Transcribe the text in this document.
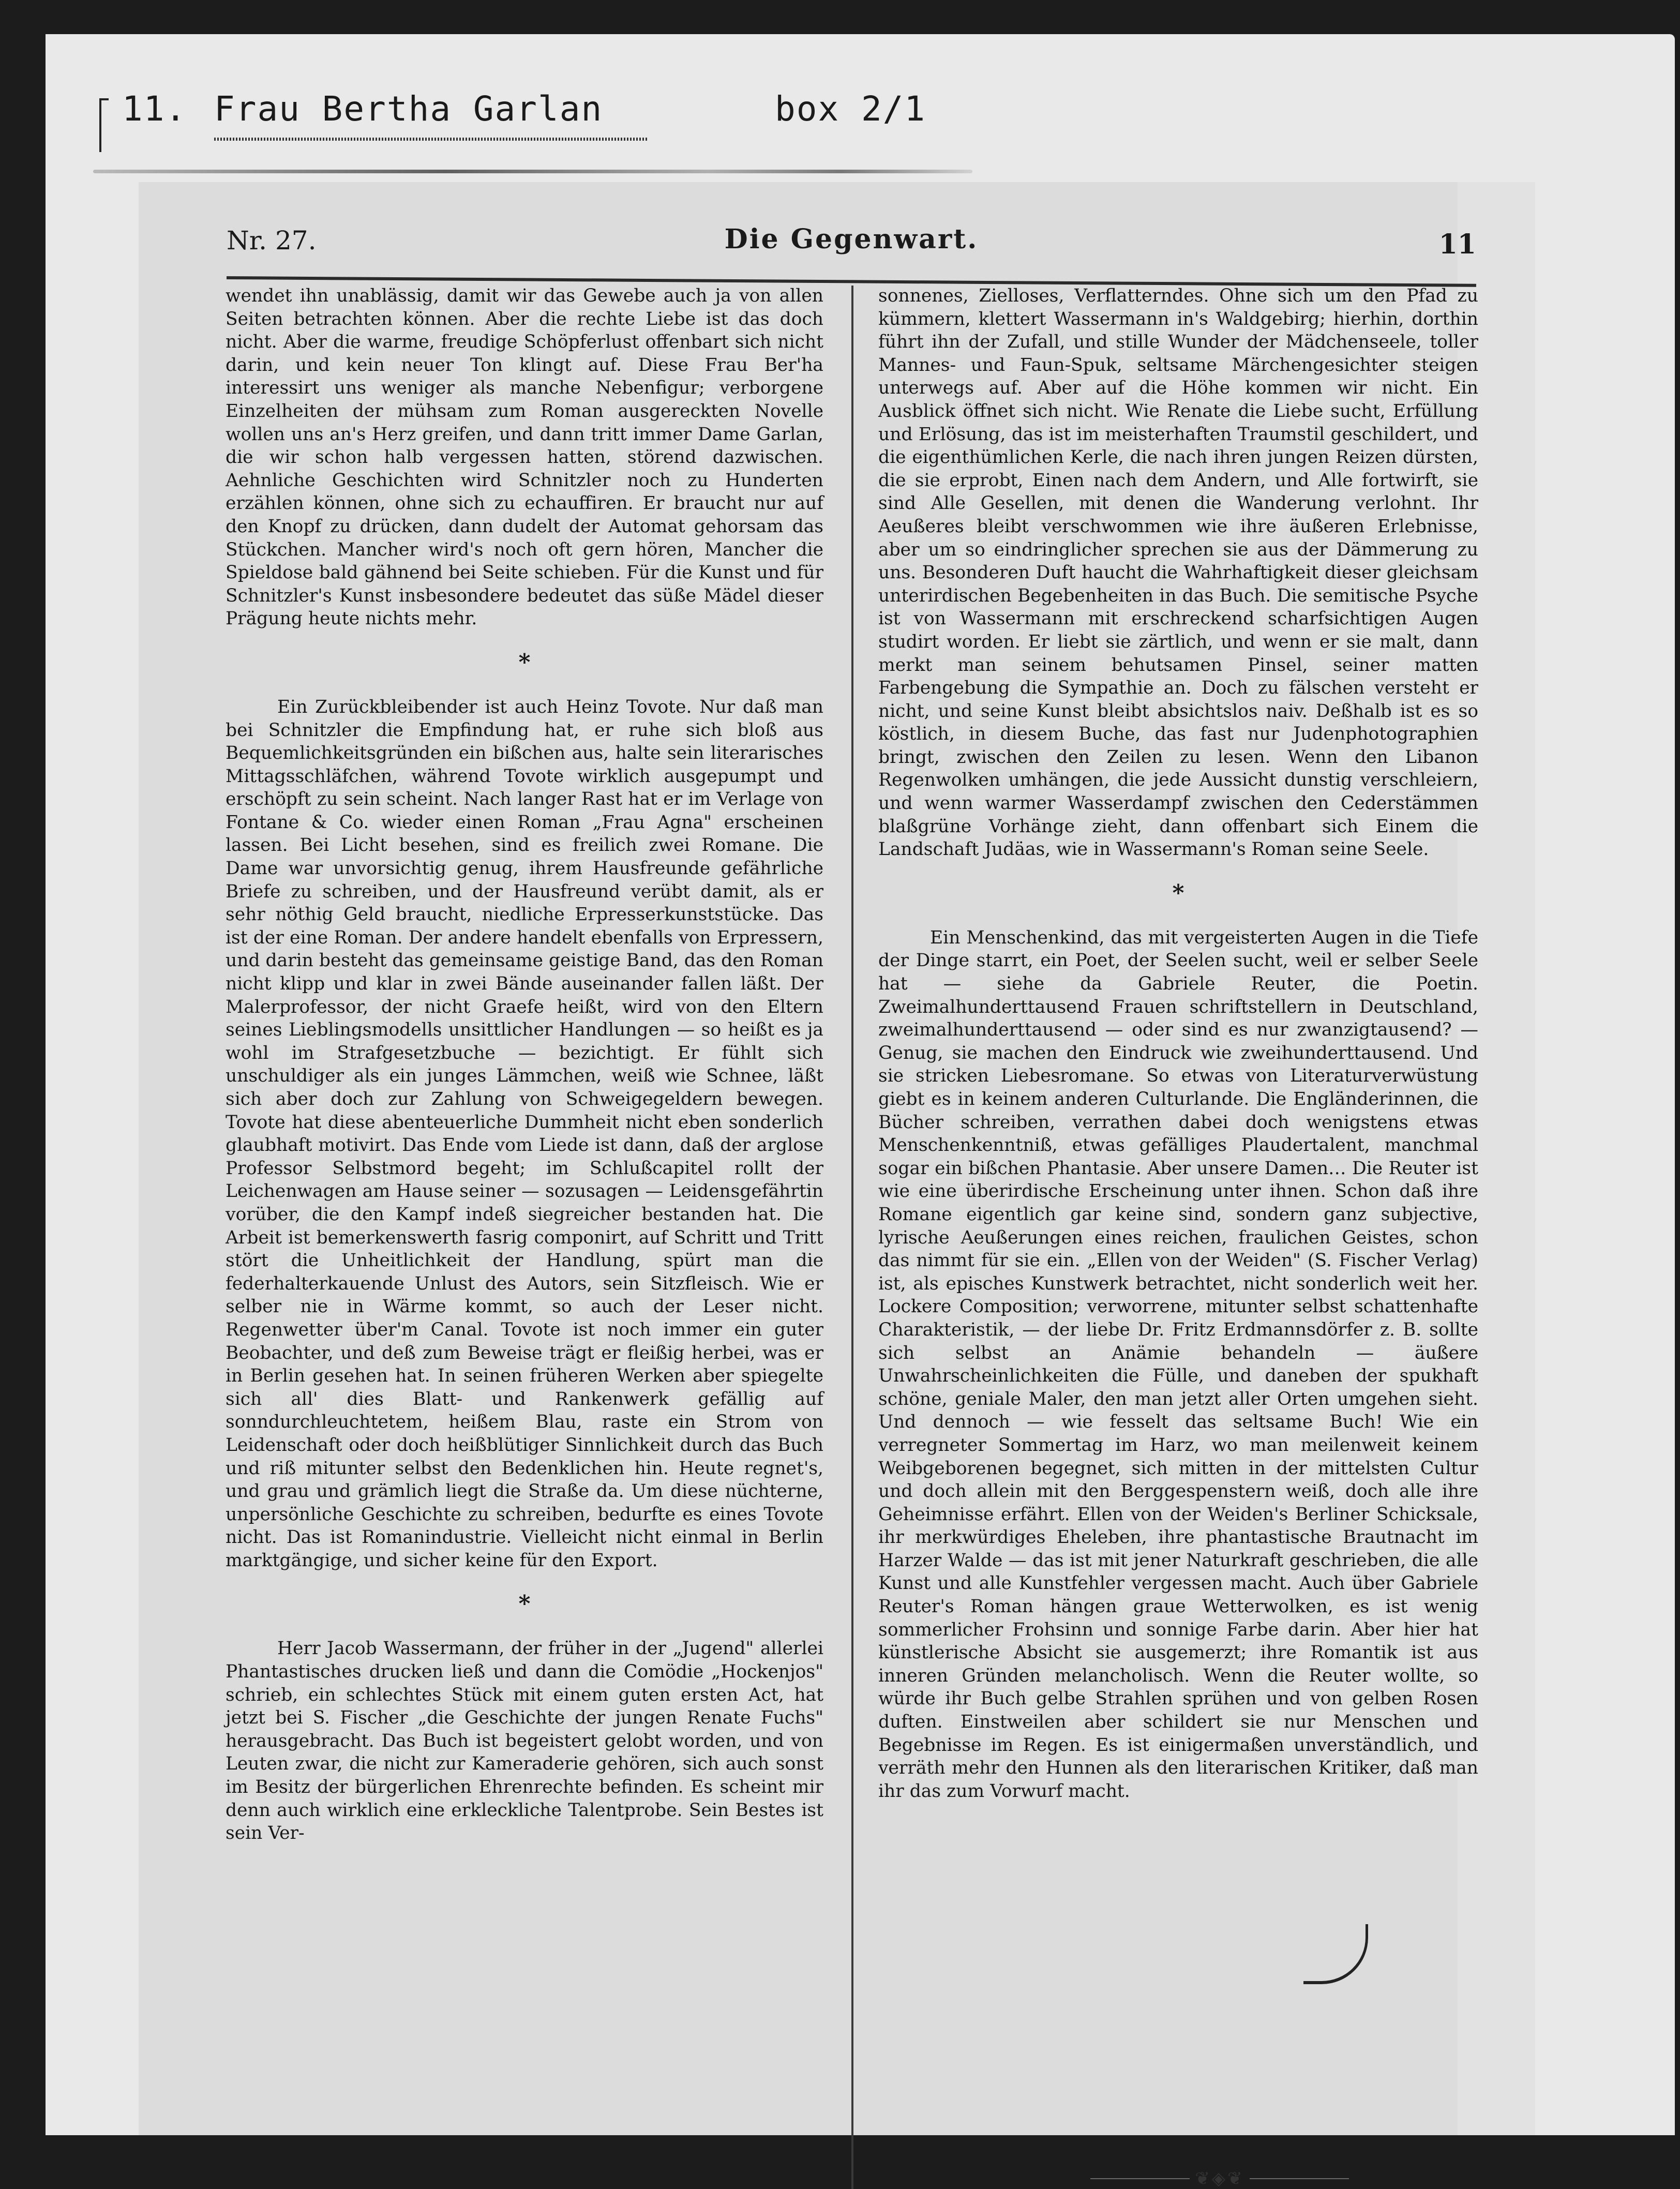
11. Frau Bertha Garlan	box 2/1
Nr. 27.	Die Gegenwart.	11

wendet ihn unablässig, damit wir das Gewebe auch ja von allen Seiten betrachten können. Aber die rechte Liebe ist das doch nicht. Aber die warme, freudige Schöpferlust offenbart sich nicht darin, und kein neuer Ton klingt auf. Diese Frau Ber'ha interessirt uns weniger als manche Nebenfigur; verborgene Einzelheiten der mühsam zum Roman ausgereckten Novelle wollen uns an's Herz greifen, und dann tritt immer Dame Garlan, die wir schon halb vergessen hatten, störend dazwischen. Aehnliche Geschichten wird Schnitzler noch zu Hunderten erzählen können, ohne sich zu echauffiren. Er braucht nur auf den Knopf zu drücken, dann dudelt der Automat gehorsam das Stückchen. Mancher wird's noch oft gern hören, Mancher die Spieldose bald gähnend bei Seite schieben. Für die Kunst und für Schnitzler's Kunst insbesondere bedeutet das süße Mädel dieser Prägung heute nichts mehr.

*

Ein Zurückbleibender ist auch Heinz Tovote. Nur daß man bei Schnitzler die Empfindung hat, er ruhe sich bloß aus Bequemlichkeitsgründen ein bißchen aus, halte sein literarisches Mittagsschläfchen, während Tovote wirklich ausgepumpt und erschöpft zu sein scheint. Nach langer Rast hat er im Verlage von Fontane & Co. wieder einen Roman „Frau Agna" erscheinen lassen. Bei Licht besehen, sind es freilich zwei Romane. Die Dame war unvorsichtig genug, ihrem Hausfreunde gefährliche Briefe zu schreiben, und der Hausfreund verübt damit, als er sehr nöthig Geld braucht, niedliche Erpresserkunststücke. Das ist der eine Roman. Der andere handelt ebenfalls von Erpressern, und darin besteht das gemeinsame geistige Band, das den Roman nicht klipp und klar in zwei Bände auseinander fallen läßt. Der Malerprofessor, der nicht Graefe heißt, wird von den Eltern seines Lieblingsmodells unsittlicher Handlungen — so heißt es ja wohl im Strafgesetzbuche — bezichtigt. Er fühlt sich unschuldiger als ein junges Lämmchen, weiß wie Schnee, läßt sich aber doch zur Zahlung von Schweigegeldern bewegen. Tovote hat diese abenteuerliche Dummheit nicht eben sonderlich glaubhaft motivirt. Das Ende vom Liede ist dann, daß der arglose Professor Selbstmord begeht; im Schlußcapitel rollt der Leichenwagen am Hause seiner — sozusagen — Leidensgefährtin vorüber, die den Kampf indeß siegreicher bestanden hat. Die Arbeit ist bemerkenswerth fasrig componirt, auf Schritt und Tritt stört die Unheitlichkeit der Handlung, spürt man die federhalterkauende Unlust des Autors, sein Sitzfleisch. Wie er selber nie in Wärme kommt, so auch der Leser nicht. Regenwetter über'm Canal. Tovote ist noch immer ein guter Beobachter, und deß zum Beweise trägt er fleißig herbei, was er in Berlin gesehen hat. In seinen früheren Werken aber spiegelte sich all' dies Blatt- und Rankenwerk gefällig auf sonndurchleuchtetem, heißem Blau, raste ein Strom von Leidenschaft oder doch heißblütiger Sinnlichkeit durch das Buch und riß mitunter selbst den Bedenklichen hin. Heute regnet's, und grau und grämlich liegt die Straße da. Um diese nüchterne, unpersönliche Geschichte zu schreiben, bedurfte es eines Tovote nicht. Das ist Romanindustrie. Vielleicht nicht einmal in Berlin marktgängige, und sicher keine für den Export.

*

Herr Jacob Wassermann, der früher in der „Jugend" allerlei Phantastisches drucken ließ und dann die Comödie „Hockenjos" schrieb, ein schlechtes Stück mit einem guten ersten Act, hat jetzt bei S. Fischer „die Geschichte der jungen Renate Fuchs" herausgebracht. Das Buch ist begeistert gelobt worden, und von Leuten zwar, die nicht zur Kameraderie gehören, sich auch sonst im Besitz der bürgerlichen Ehrenrechte befinden. Es scheint mir denn auch wirklich eine erkleckliche Talentprobe. Sein Bestes ist sein Ver-

sonnenes, Zielloses, Verflatterndes. Ohne sich um den Pfad zu kümmern, klettert Wassermann in's Waldgebirg; hierhin, dorthin führt ihn der Zufall, und stille Wunder der Mädchenseele, toller Mannes- und Faun-Spuk, seltsame Märchengesichter steigen unterwegs auf. Aber auf die Höhe kommen wir nicht. Ein Ausblick öffnet sich nicht. Wie Renate die Liebe sucht, Erfüllung und Erlösung, das ist im meisterhaften Traumstil geschildert, und die eigenthümlichen Kerle, die nach ihren jungen Reizen dürsten, die sie erprobt, Einen nach dem Andern, und Alle fortwirft, sie sind Alle Gesellen, mit denen die Wanderung verlohnt. Ihr Aeußeres bleibt verschwommen wie ihre äußeren Erlebnisse, aber um so eindringlicher sprechen sie aus der Dämmerung zu uns. Besonderen Duft haucht die Wahrhaftigkeit dieser gleichsam unterirdischen Begebenheiten in das Buch. Die semitische Psyche ist von Wassermann mit erschreckend scharfsichtigen Augen studirt worden. Er liebt sie zärtlich, und wenn er sie malt, dann merkt man seinem behutsamen Pinsel, seiner matten Farbengebung die Sympathie an. Doch zu fälschen versteht er nicht, und seine Kunst bleibt absichtslos naiv. Deßhalb ist es so köstlich, in diesem Buche, das fast nur Judenphotographien bringt, zwischen den Zeilen zu lesen. Wenn den Libanon Regenwolken umhängen, die jede Aussicht dunstig verschleiern, und wenn warmer Wasserdampf zwischen den Cederstämmen blaßgrüne Vorhänge zieht, dann offenbart sich Einem die Landschaft Judäas, wie in Wassermann's Roman seine Seele.

*

Ein Menschenkind, das mit vergeisterten Augen in die Tiefe der Dinge starrt, ein Poet, der Seelen sucht, weil er selber Seele hat — siehe da Gabriele Reuter, die Poetin. Zweimalhunderttausend Frauen schriftstellern in Deutschland, zweimalhunderttausend — oder sind es nur zwanzigtausend? — Genug, sie machen den Eindruck wie zweihunderttausend. Und sie stricken Liebesromane. So etwas von Literaturverwüstung giebt es in keinem anderen Culturlande. Die Engländerinnen, die Bücher schreiben, verrathen dabei doch wenigstens etwas Menschenkenntniß, etwas gefälliges Plaudertalent, manchmal sogar ein bißchen Phantasie. Aber unsere Damen… Die Reuter ist wie eine überirdische Erscheinung unter ihnen. Schon daß ihre Romane eigentlich gar keine sind, sondern ganz subjective, lyrische Aeußerungen eines reichen, fraulichen Geistes, schon das nimmt für sie ein. „Ellen von der Weiden" (S. Fischer Verlag) ist, als episches Kunstwerk betrachtet, nicht sonderlich weit her. Lockere Composition; verworrene, mitunter selbst schattenhafte Charakteristik, — der liebe Dr. Fritz Erdmannsdörfer z. B. sollte sich selbst an Anämie behandeln — äußere Unwahrscheinlichkeiten die Fülle, und daneben der spukhaft schöne, geniale Maler, den man jetzt aller Orten umgehen sieht. Und dennoch — wie fesselt das seltsame Buch! Wie ein verregneter Sommertag im Harz, wo man meilenweit keinem Weibgeborenen begegnet, sich mitten in der mittelsten Cultur und doch allein mit den Berggespenstern weiß, doch alle ihre Geheimnisse erfährt. Ellen von der Weiden's Berliner Schicksale, ihr merkwürdiges Eheleben, ihre phantastische Brautnacht im Harzer Walde — das ist mit jener Naturkraft geschrieben, die alle Kunst und alle Kunstfehler vergessen macht. Auch über Gabriele Reuter's Roman hängen graue Wetterwolken, es ist wenig sommerlicher Frohsinn und sonnige Farbe darin. Aber hier hat künstlerische Absicht sie ausgemerzt; ihre Romantik ist aus inneren Gründen melancholisch. Wenn die Reuter wollte, so würde ihr Buch gelbe Strahlen sprühen und von gelben Rosen duften. Einstweilen aber schildert sie nur Menschen und Begebnisse im Regen. Es ist einigermaßen unverständlich, und verräth mehr den Hunnen als den literarischen Kritiker, daß man ihr das zum Vorwurf macht.

❦◈❦
